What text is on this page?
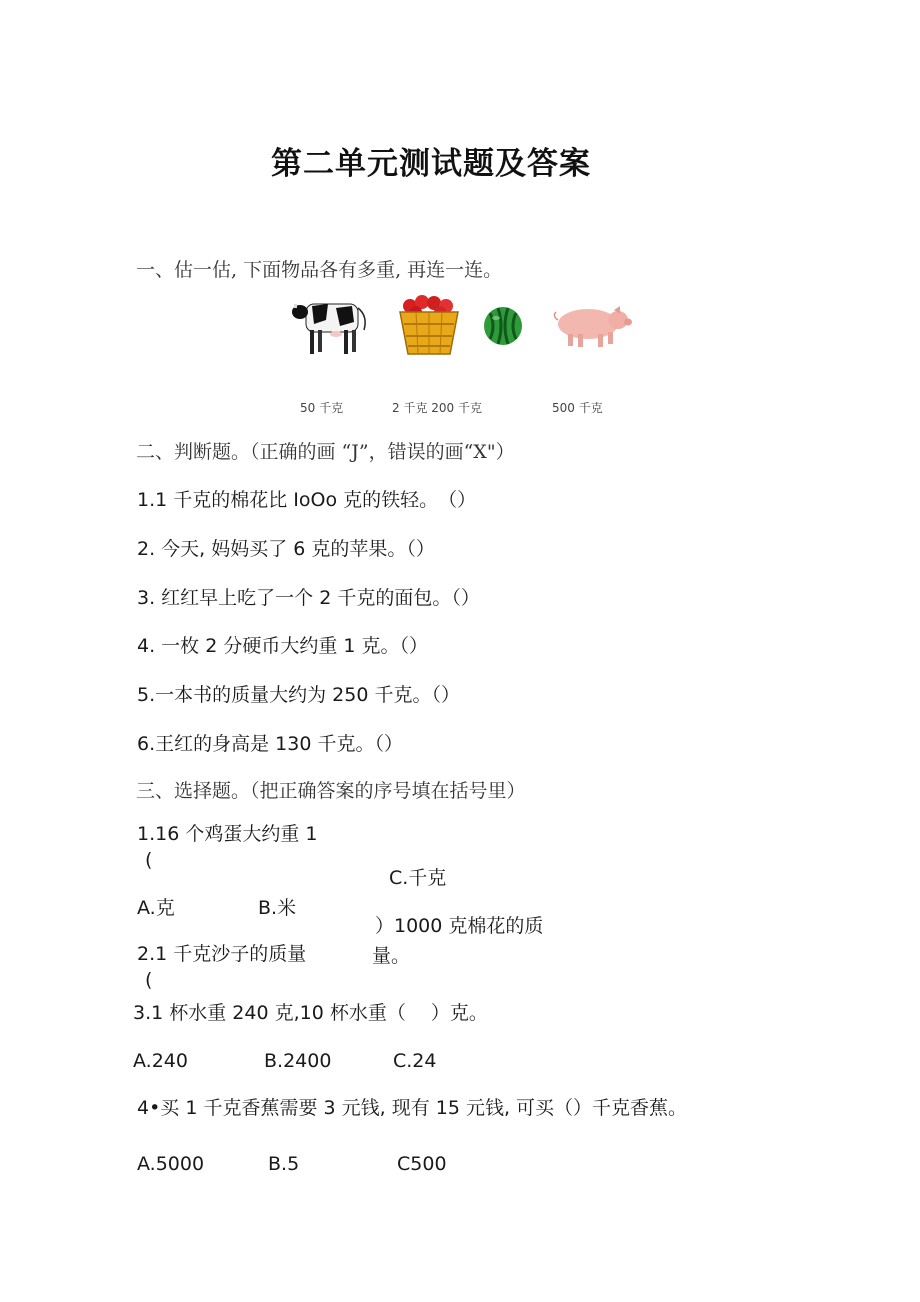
第二单元测试题及答案
一、估一估, 下面物品各有多重, 再连一连。
50 千克	2 千克 200 千克	500 千克
二、判断题。（正确的画 “J”，错误的画“X"）
1.1 千克的棉花比 IoOo 克的铁轻。　（）
2. 今天, 妈妈买了 6 克的苹果。（）
3. 红红早上吃了一个 2 千克的面包。（）
4. 一枚 2 分硬币大约重 1 克。（）
5.一本书的质量大约为 250 千克。（）
6.王红的身高是 130 千克。（）
三、选择题。（把正确答案的序号填在括号里）
1.16 个鸡蛋大约重 1
(
C.千克
A.克	B.米
）1000 克棉花的质
量。
2.1 千克沙子的质量
(
3.1 杯水重 240 克,10 杯水重（　 ）克。
A.240	B.2400	C.24
4•买 1 千克香蕉需要 3 元钱, 现有 15 元钱, 可买（）千克香蕉。
A.5000	B.5	C500
